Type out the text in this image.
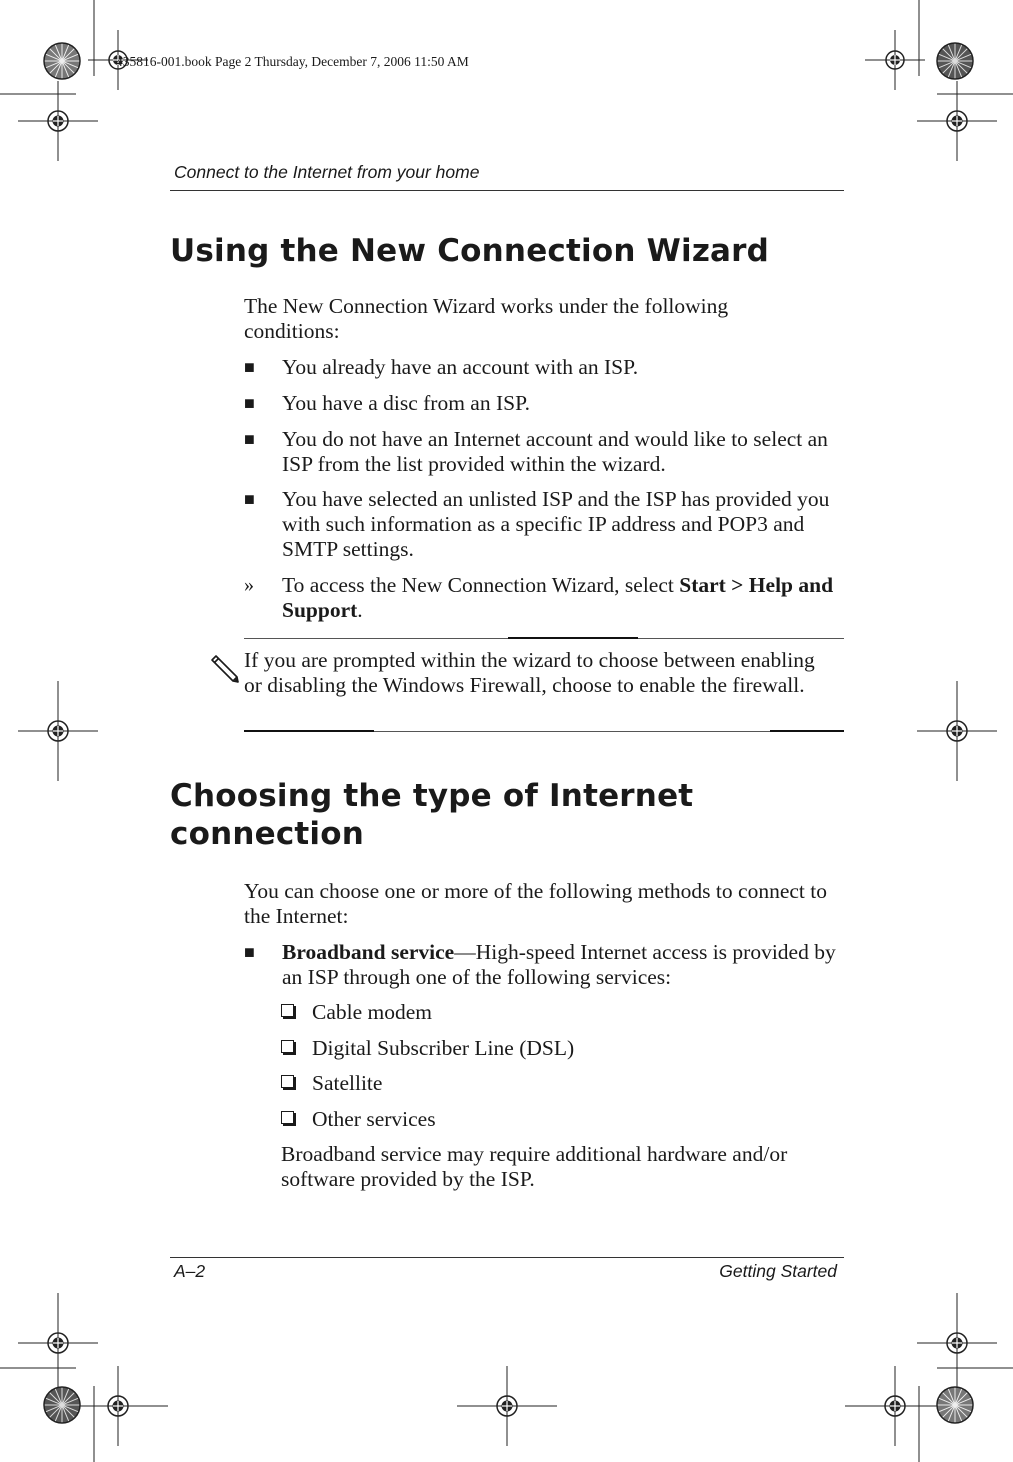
435816-001.book Page 2 Thursday, December 7, 2006 11:50 AM
Connect to the Internet from your home
Using the New Connection Wizard
The New Connection Wizard works under the following conditions:
■ You already have an account with an ISP.
■ You have a disc from an ISP.
■ You do not have an Internet account and would like to select an ISP from the list provided within the wizard.
■ You have selected an unlisted ISP and the ISP has provided you with such information as a specific IP address and POP3 and SMTP settings.
» To access the New Connection Wizard, select Start > Help and Support.
If you are prompted within the wizard to choose between enabling or disabling the Windows Firewall, choose to enable the firewall.
Choosing the type of Internet connection
You can choose one or more of the following methods to connect to the Internet:
■ Broadband service—High-speed Internet access is provided by an ISP through one of the following services:
Cable modem
Digital Subscriber Line (DSL)
Satellite
Other services
Broadband service may require additional hardware and/or software provided by the ISP.
A–2	Getting Started
